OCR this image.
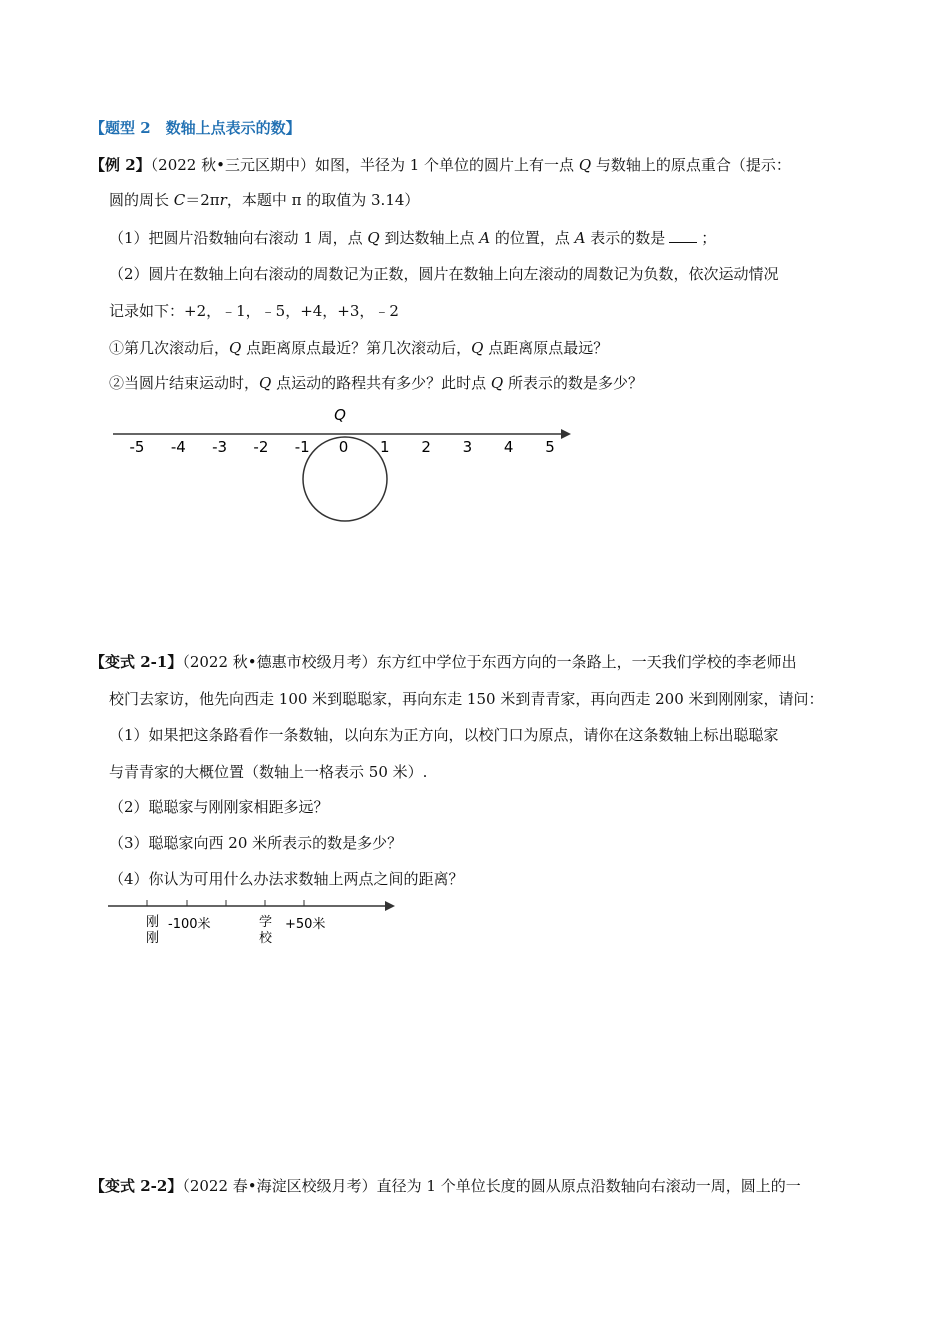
【题型 2　数轴上点表示的数】
【例 2】（2022 秋•三元区期中）如图，半径为 1 个单位的圆片上有一点 Q 与数轴上的原点重合（提示：
圆的周长 C＝2πr，本题中 π 的取值为 3.14）
（1）把圆片沿数轴向右滚动 1 周，点 Q 到达数轴上点 A 的位置，点 A 表示的数是 ；
（2）圆片在数轴上向右滚动的周数记为正数，圆片在数轴上向左滚动的周数记为负数，依次运动情况
记录如下：+2，﹣1，﹣5，+4，+3，﹣2
①第几次滚动后，Q 点距离原点最近？第几次滚动后，Q 点距离原点最远？
②当圆片结束运动时，Q 点运动的路程共有多少？此时点 Q 所表示的数是多少？
Q
-5 -4 -3 -2 -1 0 1 2 3 4 5
【变式 2-1】（2022 秋•德惠市校级月考）东方红中学位于东西方向的一条路上，一天我们学校的李老师出
校门去家访，他先向西走 100 米到聪聪家，再向东走 150 米到青青家，再向西走 200 米到刚刚家，请问：
（1）如果把这条路看作一条数轴，以向东为正方向，以校门口为原点，请你在这条数轴上标出聪聪家
与青青家的大概位置（数轴上一格表示 50 米）.
（2）聪聪家与刚刚家相距多远？
（3）聪聪家向西 20 米所表示的数是多少？
（4）你认为可用什么办法求数轴上两点之间的距离？
刚
刚
-100米	学
校
+50米
【变式 2-2】（2022 春•海淀区校级月考）直径为 1 个单位长度的圆从原点沿数轴向右滚动一周，圆上的一
